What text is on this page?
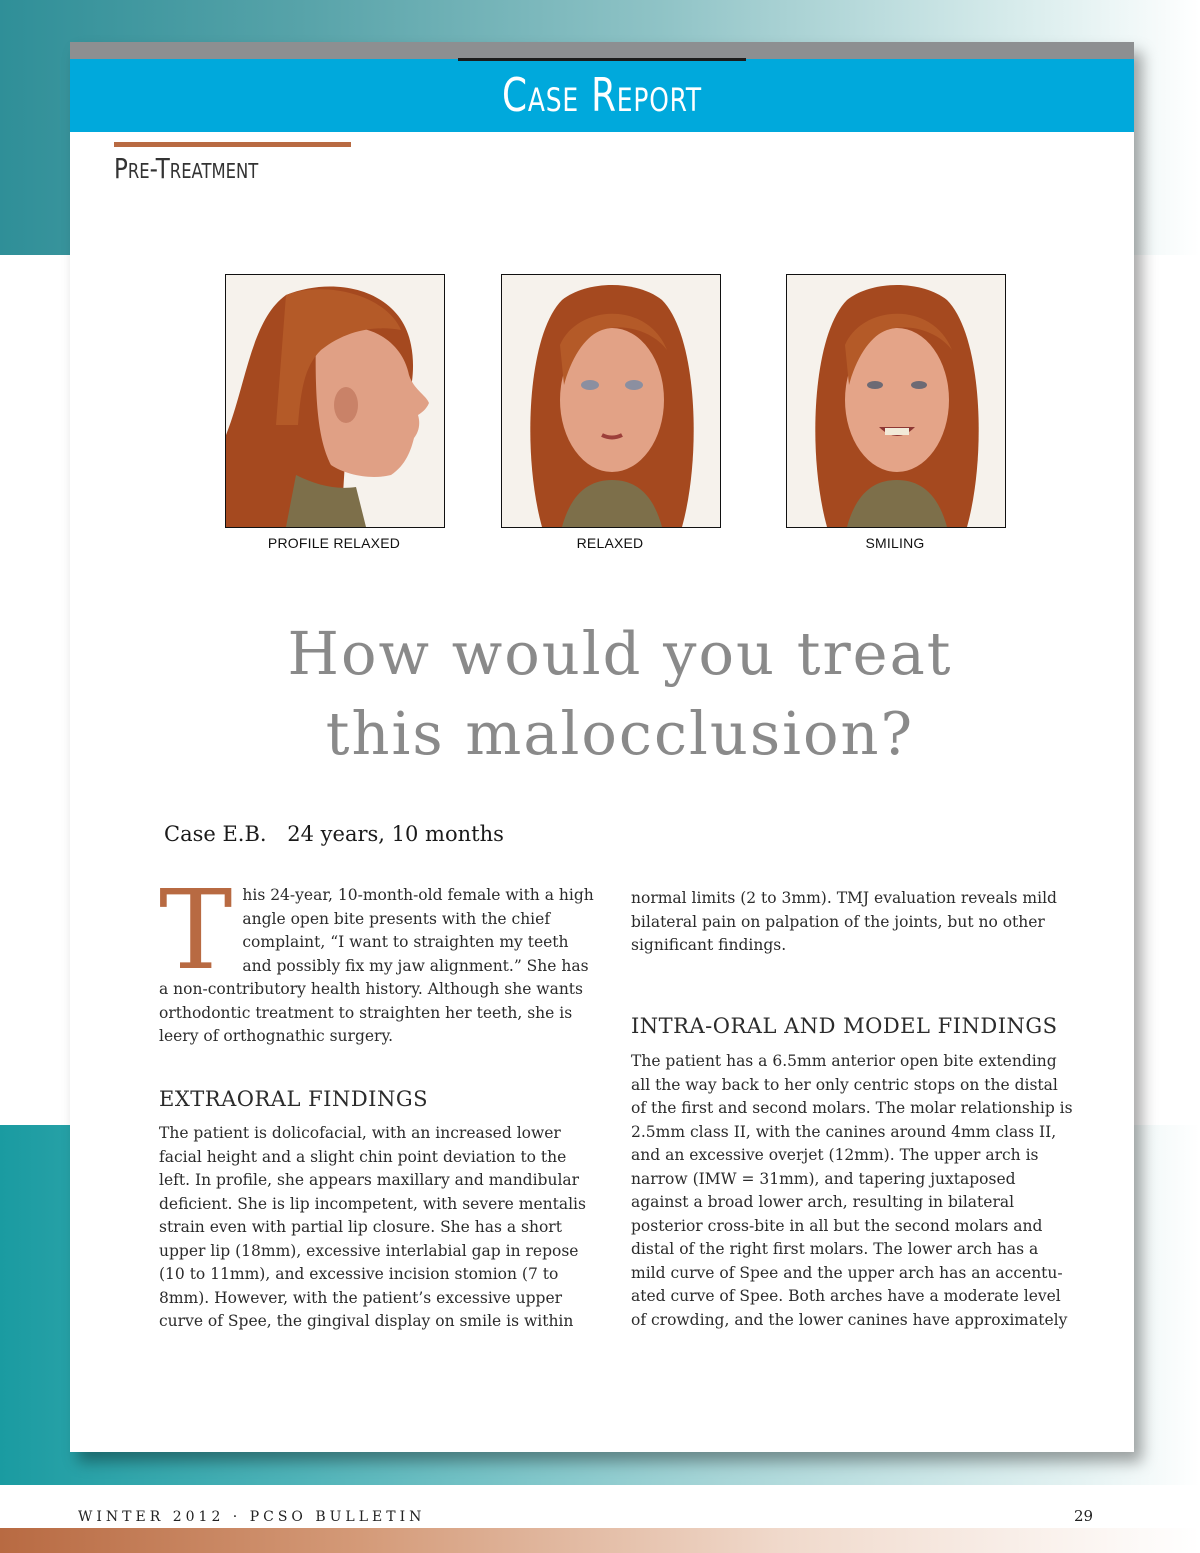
Case Report
Pre-Treatment
PROFILE RELAXED	RELAXED	SMILING
How would you treat
this malocclusion?
Case E.B. 24 years, 10 months
T his 24-year, 10-month-old female with a high angle open bite presents with the chief complaint, “I want to straighten my teeth and possibly fix my jaw alignment.” She has a non-contributory health history. Although she wants orthodontic treatment to straighten her teeth, she is leery of orthognathic surgery.

EXTRAORAL FINDINGS

The patient is dolicofacial, with an increased lower facial height and a slight chin point deviation to the left. In profile, she appears maxillary and mandibular deficient. She is lip incompetent, with severe mentalis strain even with partial lip closure. She has a short upper lip (18mm), excessive interlabial gap in repose (10 to 11mm), and excessive incision stomion (7 to 8mm). However, with the patient’s excessive upper curve of Spee, the gingival display on smile is within

normal limits (2 to 3mm). TMJ evaluation reveals mild bilateral pain on palpation of the joints, but no other significant findings.

INTRA-ORAL AND MODEL FINDINGS

The patient has a 6.5mm anterior open bite extending all the way back to her only centric stops on the distal of the first and second molars. The molar relationship is 2.5mm class II, with the canines around 4mm class II, and an excessive overjet (12mm). The upper arch is narrow (IMW = 31mm), and tapering juxtaposed against a broad lower arch, resulting in bilateral posterior cross-bite in all but the second molars and distal of the right first molars. The lower arch has a mild curve of Spee and the upper arch has an accentu-ated curve of Spee. Both arches have a moderate level of crowding, and the lower canines have approximately

WINTER 2012 · PCSO BULLETIN	29
